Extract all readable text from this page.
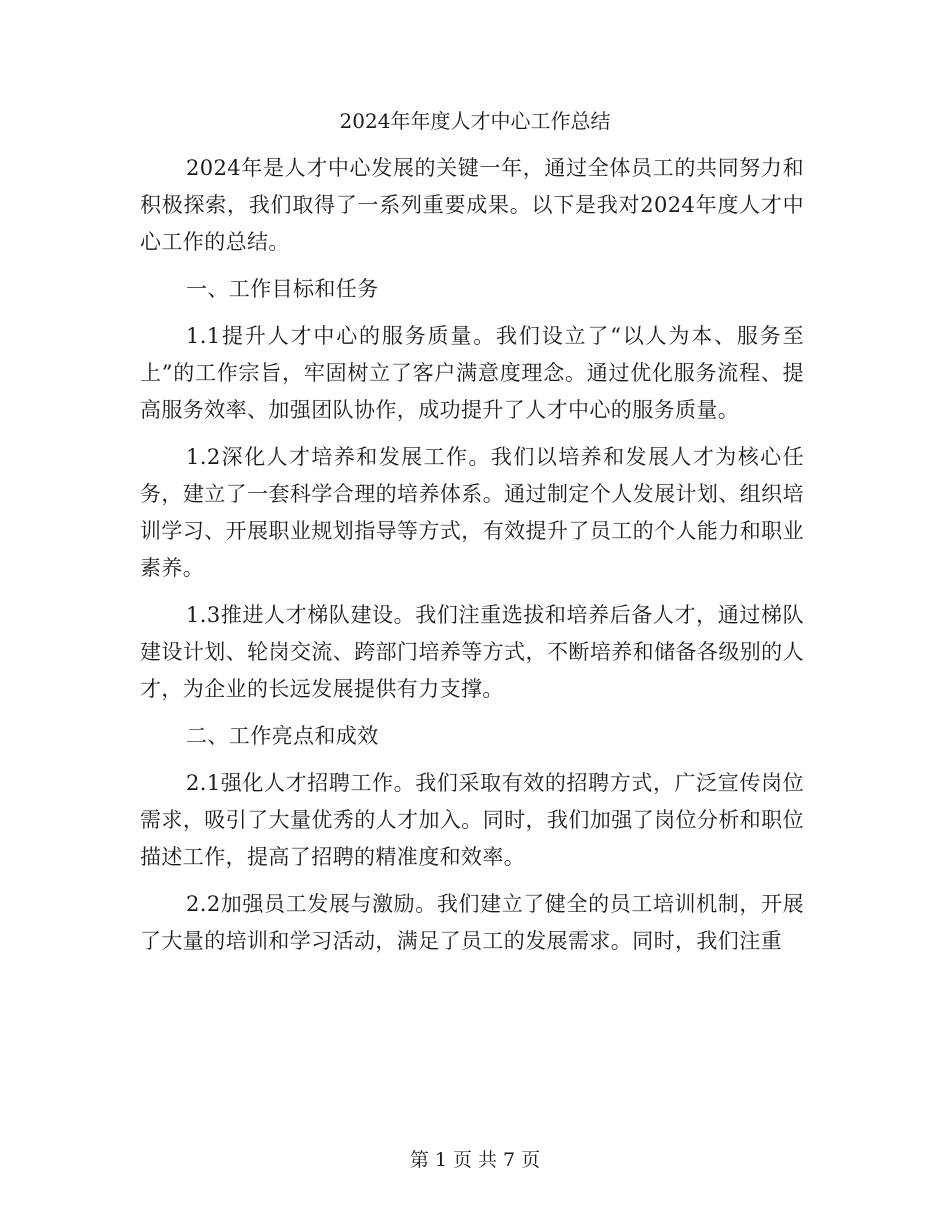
2024年年度人才中心工作总结

2024年是人才中心发展的关键一年，通过全体员工的共同努力和积极探索，我们取得了一系列重要成果。以下是我对2024年度人才中心工作的总结。

一、工作目标和任务

1.1提升人才中心的服务质量。我们设立了“以人为本、服务至上”的工作宗旨，牢固树立了客户满意度理念。通过优化服务流程、提高服务效率、加强团队协作，成功提升了人才中心的服务质量。

1.2深化人才培养和发展工作。我们以培养和发展人才为核心任务，建立了一套科学合理的培养体系。通过制定个人发展计划、组织培训学习、开展职业规划指导等方式，有效提升了员工的个人能力和职业素养。

1.3推进人才梯队建设。我们注重选拔和培养后备人才，通过梯队建设计划、轮岗交流、跨部门培养等方式，不断培养和储备各级别的人才，为企业的长远发展提供有力支撑。

二、工作亮点和成效

2.1强化人才招聘工作。我们采取有效的招聘方式，广泛宣传岗位需求，吸引了大量优秀的人才加入。同时，我们加强了岗位分析和职位描述工作，提高了招聘的精准度和效率。

2.2加强员工发展与激励。我们建立了健全的员工培训机制，开展了大量的培训和学习活动，满足了员工的发展需求。同时，我们注重

第 1 页 共 7 页
